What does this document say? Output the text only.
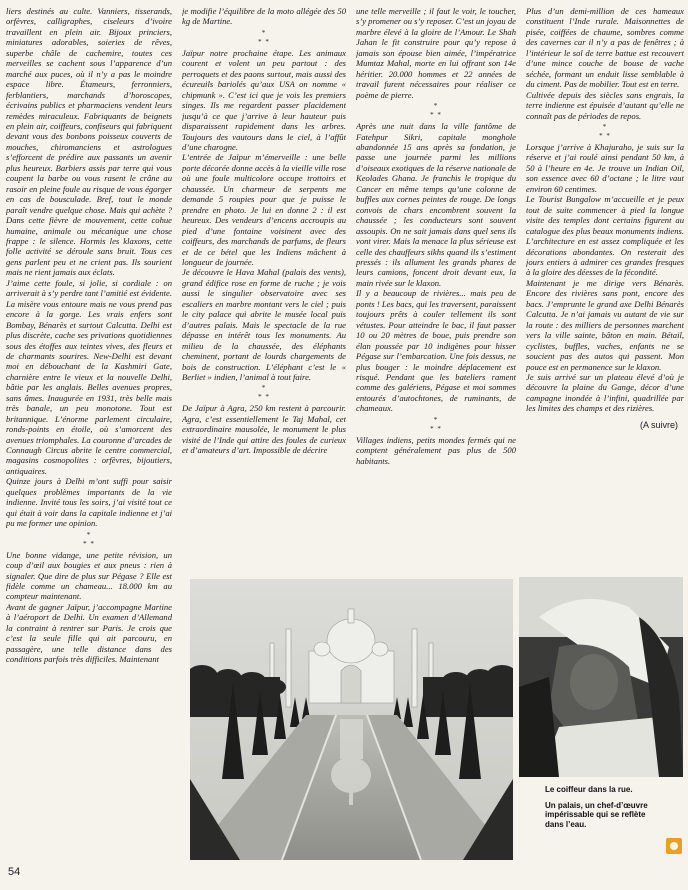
liers destinés au culte. Vanniers, tisserands, orfèvres, calligraphes, ciseleurs d’ivoire travaillent en plein air. Bijoux princiers, miniatures adorables, soieries de rêves, superbe châle de cachemire, toutes ces merveilles se cachent sous l’apparence d’un marché aux puces, où il n’y a pas le moindre espace libre. Étameurs, ferronniers, ferblantiers, marchands d’horoscopes, écrivains publics et pharmaciens vendent leurs remèdes miraculeux. Fabriquants de beignets en plein air, coiffeurs, confiseurs qui fabriquent devant vous des bonbons poisseux couverts de mouches, chiromanciens et astrologues s’efforcent de prédire aux passants un avenir plus heureux. Barbiers assis par terre qui vous coupent la barbe ou vous rasent le crâne au rasoir en pleine foule au risque de vous égorger en cas de bousculade. Bref, tout le monde paraît vendre quelque chose. Mais qui achète ? Dans cette fièvre de mouvement, cette cohue humaine, animale ou mécanique une chose frappe : le silence. Hormis les klaxons, cette folle activité se déroule sans bruit. Tous ces gens parlent peu et ne crient pas. Ils sourient mais ne rient jamais aux éclats.

J’aime cette foule, si jolie, si cordiale : on arriverait à s’y perdre tant l’amitié est évidente. La misère vous entoure mais ne vous prend pas encore à la gorge. Les vrais enfers sont Bombay, Bénarès et surtout Calcutta. Delhi est plus discrète, cache ses privations quotidiennes sous des étoffes aux teintes vives, des fleurs et de charmants sourires. New-Delhi est devant moi en débouchant de la Kashmiri Gate, charnière entre le vieux et la nouvelle Delhi, bâtie par les anglais. Belles avenues propres, sans âmes. Inaugurée en 1931, très belle mais très banale, un peu monotone. Tout est britannique. L’énorme parlement circulaire, ronds-points en étoile, où s’amorcent des avenues triomphales. La couronne d’arcades de Connaugh Circus abrite le centre commercial, magasins cosmopolites : orfèvres, bijoutiers, antiquaires.

Quinze jours à Delhi m’ont suffi pour saisir quelques problèmes importants de la vie indienne. Invité tous les soirs, j’ai visité tout ce qui était à voir dans la capitale indienne et j’ai pu me former une opinion.

*
* *

Une bonne vidange, une petite révision, un coup d’œil aux bougies et aux pneus : rien à signaler. Que dire de plus sur Pégase ? Elle est fidèle comme un chameau... 18.000 km au compteur maintenant.

Avant de gagner Jaïpur, j’accompagne Martine à l’aéroport de Delhi. Un examen d’Allemand la contraint à rentrer sur Paris. Je crois que c’est la seule fille qui ait parcouru, en passagère, une telle distance dans des conditions parfois très difficiles. Maintenant

je modifie l’équilibre de la moto allégée des 50 kg de Martine.

*
* *

Jaïpur notre prochaine étape. Les animaux courent et volent un peu partout : des perroquets et des paons surtout, mais aussi des écureuils bariolés qu’aux USA on nomme « chipmunk ». C’est ici que je vois les premiers singes. Ils me regardent passer placidement jusqu’à ce que j’arrive à leur hauteur puis disparaissent rapidement dans les arbres. Toujours des vautours dans le ciel, à l’affût d’une charogne.

L’entrée de Jaïpur m’émerveille : une belle porte décorée donne accès à la vieille ville rose où une foule multicolore occupe trottoirs et chaussée. Un charmeur de serpents me demande 5 roupies pour que je puisse le prendre en photo. Je lui en donne 2 : il est heureux. Des vendeurs d’encens accroupis au pied d’une fontaine voisinent avec des coiffeurs, des marchands de parfums, de fleurs et de ce bétel que les Indiens mâchent à longueur de journée.

Je découvre le Hava Mahal (palais des vents), grand édifice rose en forme de ruche ; je vois aussi le singulier observatoire avec ses escaliers en marbre montant vers le ciel ; puis le city palace qui abrite le musée local puis d’autres palais. Mais le spectacle de la rue dépasse en intérêt tous les monuments. Au milieu de la chaussée, des éléphants cheminent, portant de lourds chargements de bois de construction. L’éléphant c’est le « Berliet » indien, l’animal à tout faire.

*
* *

De Jaïpur à Agra, 250 km restent à parcourir. Agra, c’est essentiellement le Taj Mahal, cet extraordinaire mausolée, le monument le plus visité de l’Inde qui attire des foules de curieux et d’amateurs d’art. Impossible de décrire

une telle merveille ; il faut le voir, le toucher, s’y promener ou s’y reposer. C’est un joyau de marbre élevé à la gloire de l’Amour. Le Shah Jahan le fit construire pour qu’y repose à jamais son épouse bien aimée, l’impératrice Mumtaz Mahal, morte en lui offrant son 14e héritier. 20.000 hommes et 22 années de travail furent nécessaires pour réaliser ce poème de pierre.

*
* *

Après une nuit dans la ville fantôme de Fatehpur Sikri, capitale monghole abandonnée 15 ans après sa fondation, je passe une journée parmi les millions d’oiseaux exotiques de la réserve nationale de Keolades Ghana. Je franchis le tropique du Cancer en même temps qu’une colonne de buffles aux cornes peintes de rouge. De longs convois de chars encombrent souvent la chaussée ; les conducteurs sont souvent assoupis. On ne sait jamais dans quel sens ils vont virer. Mais la menace la plus sérieuse est celle des chauffeurs sikhs quand ils s’estiment pressés : ils allument les grands phares de leurs camions, foncent droit devant eux, la main rivée sur le klaxon.

Il y a beaucoup de rivières... mais peu de ponts ! Les bacs, qui les traversent, paraissent toujours prêts à couler tellement ils sont vétustes. Pour atteindre le bac, il faut passer 10 ou 20 mètres de boue, puis prendre son élan poussée par 10 indigènes pour hisser Pégase sur l’embarcation. Une fois dessus, ne plus bouger : le moindre déplacement est risqué. Pendant que les bateliers rament comme des galériens, Pégase et moi sommes entourés d’autochtones, de ruminants, de chameaux.

*
* *

Villages indiens, petits mondes fermés qui ne comptent généralement pas plus de 500 habitants.

Plus d’un demi-million de ces hameaux constituent l’Inde rurale. Maisonnettes de pisée, coiffées de chaume, sombres comme des cavernes car il n’y a pas de fenêtres ; à l’intérieur le sol de terre battue est recouvert d’une mince couche de bouse de vache séchée, formant un enduit lisse semblable à du ciment. Pas de mobilier. Tout est en terre.

Cultivée depuis des siècles sans engrais, la terre indienne est épuisée d’autant qu’elle ne connaît pas de périodes de repos.

*
* *

Lorsque j’arrive à Khajuraho, je suis sur la réserve et j’ai roulé ainsi pendant 50 km, à 50 à l’heure en 4e. Je trouve un Indian Oil, son essence avec 60 d’octane ; le litre vaut environ 60 centimes.

Le Tourist Bungalow m’accueille et je peux tout de suite commencer à pied la longue visite des temples dont certains figurent au catalogue des plus beaux monuments indiens. L’architecture en est assez compliquée et les décorations abondantes. On resterait des jours entiers à admirer ces grandes fresques à la gloire des déesses de la fécondité.

Maintenant je me dirige vers Bénarès. Encore des rivières sans pont, encore des bacs. J’emprunte le grand axe Delhi Bénarès Calcutta. Je n’ai jamais vu autant de vie sur la route : des milliers de personnes marchent vers la ville sainte, bâton en main. Bétail, cyclistes, buffles, vaches, enfants ne se soucient pas des autos qui passent. Mon pouce est en permanence sur le klaxon.

Je suis arrivé sur un plateau élevé d’où je découvre la plaine du Gange, décor d’une campagne inondée à l’infini, quadrillée par les limites des champs et des rizières.

(A suivre)

Le coiffeur dans la rue.

Un palais, un chef-d’œuvre impérissable qui se reflète dans l’eau.

54
